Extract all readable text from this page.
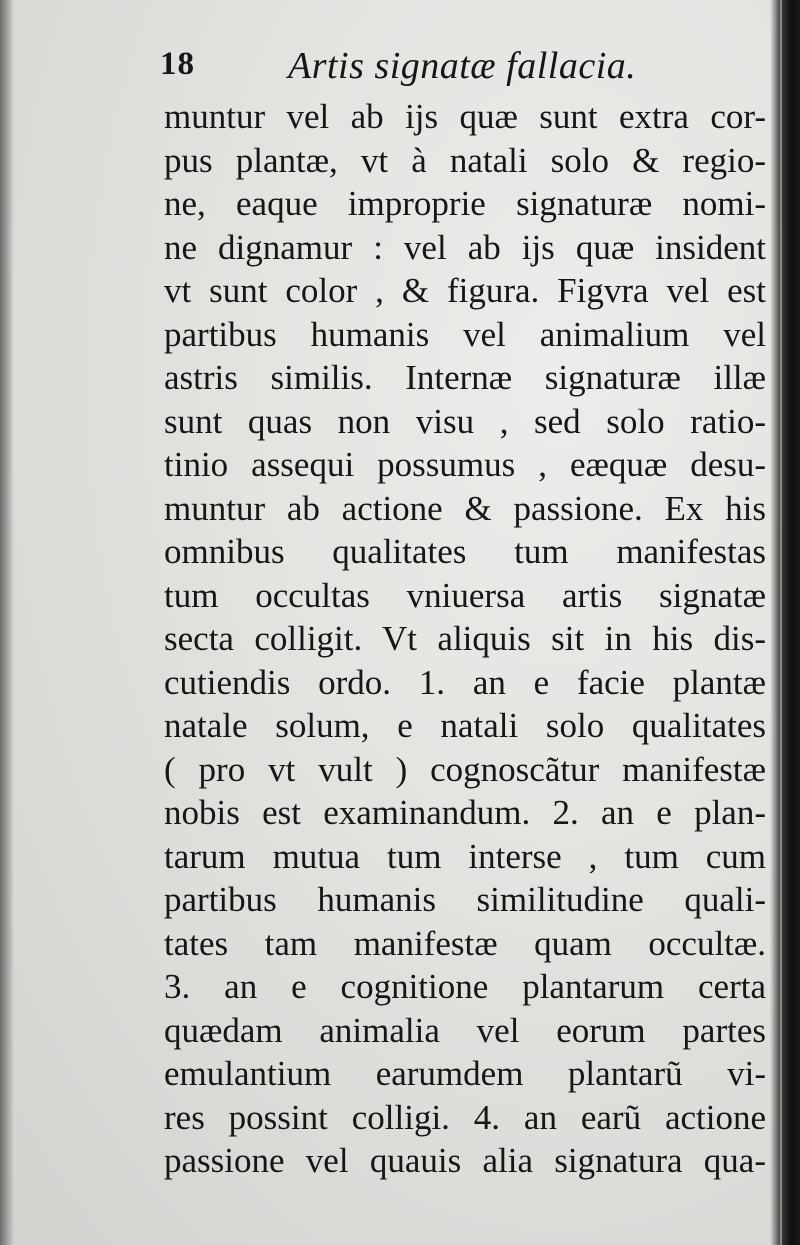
18 Artis signatæ fallacia.
muntur vel ab ijs quæ sunt extra cor-
pus plantæ, vt à natali solo & regio-
ne, eaque improprie signaturæ nomi-
ne dignamur : vel ab ijs quæ insident
vt sunt color , & figura. Figvra vel est
partibus humanis vel animalium vel
astris similis. Internæ signaturæ illæ
sunt quas non visu , sed solo ratio-
tinio assequi possumus , eæquæ desu-
muntur ab actione & passione. Ex his
omnibus qualitates tum manifestas
tum occultas vniuersa artis signatæ
secta colligit. Vt aliquis sit in his dis-
cutiendis ordo. 1. an e facie plantæ
natale solum, e natali solo qualitates
( pro vt vult ) cognoscãtur manifestæ
nobis est examinandum. 2. an e plan-
tarum mutua tum interse , tum cum
partibus humanis similitudine quali-
tates tam manifestæ quam occultæ.
3. an e cognitione plantarum certa
quædam animalia vel eorum partes
emulantium earumdem plantarũ vi-
res possint colligi. 4. an earũ actione
passione vel quauis alia signatura qua-
